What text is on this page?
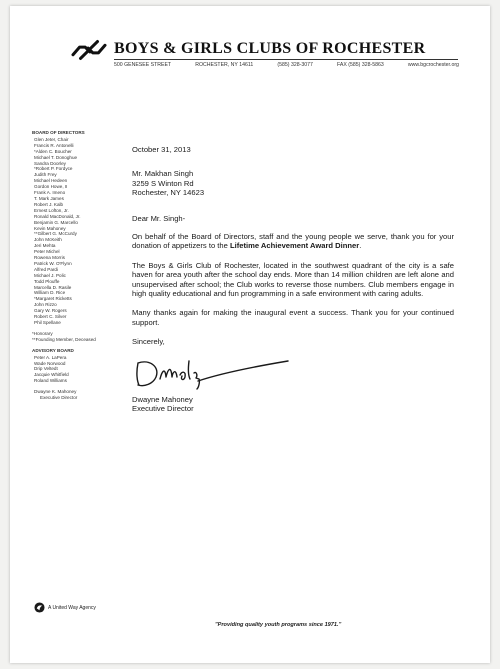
BOYS & GIRLS CLUBS OF ROCHESTER
500 GENESEE STREET	ROCHESTER, NY 14611	(585) 328-3077	FAX (585) 328-5863	www.bgcrochester.org
BOARD OF DIRECTORS
Glen Jeter, Chair
Francis R. Antonelli
*Alden C. Boucher
Michael T. Donoghue
Sandra Doorley
*Robert P. Fordyce
Judith Frey
Michael Hedeen
Gordon Howe, II
Frank A. Imeno
T. Mark James
Robert J. Kalb
Ernest Lofton, Jr.
Ronald MacDonald, Jr.
Benjamin G. Marcello
Kevin Mahoney
**Gilbert G. McCurdy
John McKeith
Jeri Mehta
Peter Michel
Rowena Morris
Patrick W. O'Flynn
Alfred Pardi
Michael J. Polic
Todd Plouffe
Marcella D. Rasile
William D. Rice
*Margaret Ricketts
John Rizzo
Gary W. Rogers
Robert C. Silver
Phil Spellane
*Honorary
**Founding Member, Deceased
ADVISORY BOARD
Peter A. LaPera
Wade Norwood
Drip Veltedt
Jacquie Whitfield
Roland Williams
Dwayne K. Mahoney
Executive Director

October 31, 2013

Mr. Makhan Singh

3259 S Winton Rd

Rochester, NY 14623

Dear Mr. Singh-

On behalf of the Board of Directors, staff and the young people we serve, thank you for your donation of appetizers to the Lifetime Achievement Award Dinner.

The Boys & Girls Club of Rochester, located in the southwest quadrant of the city is a safe haven for area youth after the school day ends. More than 14 million children are left alone and unsupervised after school; the Club works to reverse those numbers. Club members engage in high quality educational and fun programming in a safe environment with caring adults.

Many thanks again for making the inaugural event a success. Thank you for your continued support.

Sincerely,

Dwayne Mahoney

Executive Director

A United Way Agency
"Providing quality youth programs since 1971."
